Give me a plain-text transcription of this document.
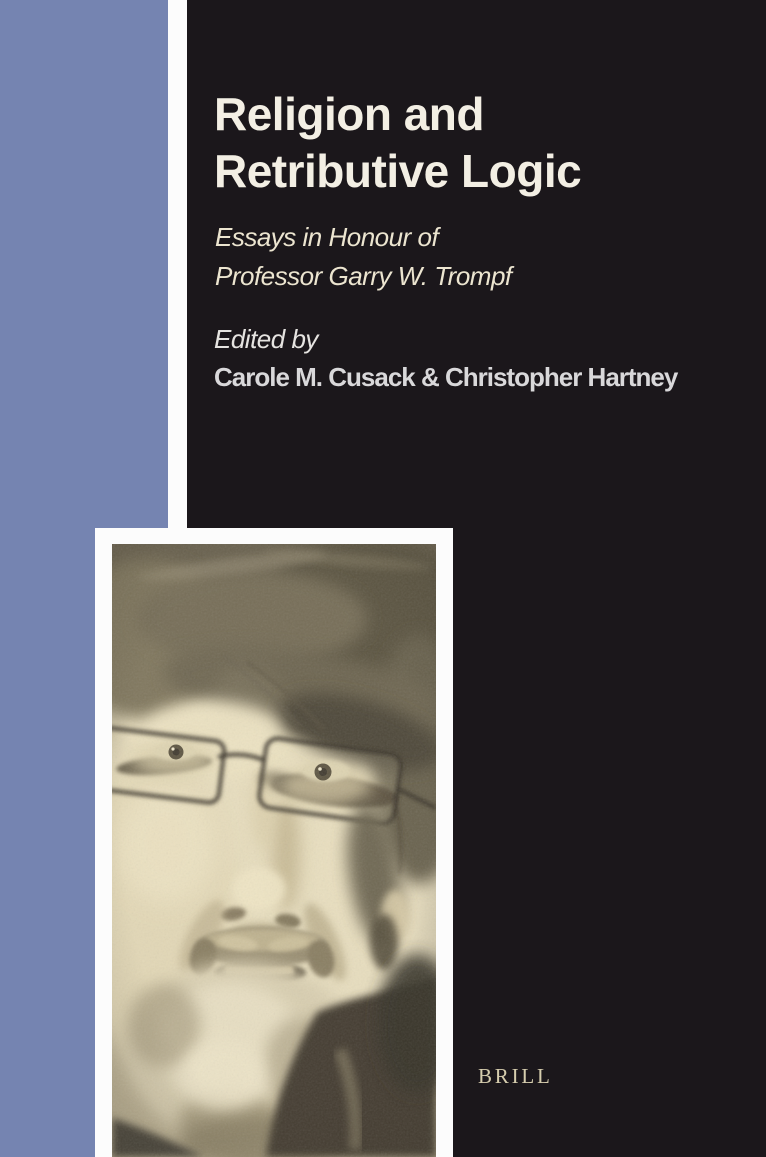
Religion and
Retributive Logic
Essays in Honour of
Professor Garry W. Trompf
Edited by
Carole M. Cusack & Christopher Hartney
BRILL
